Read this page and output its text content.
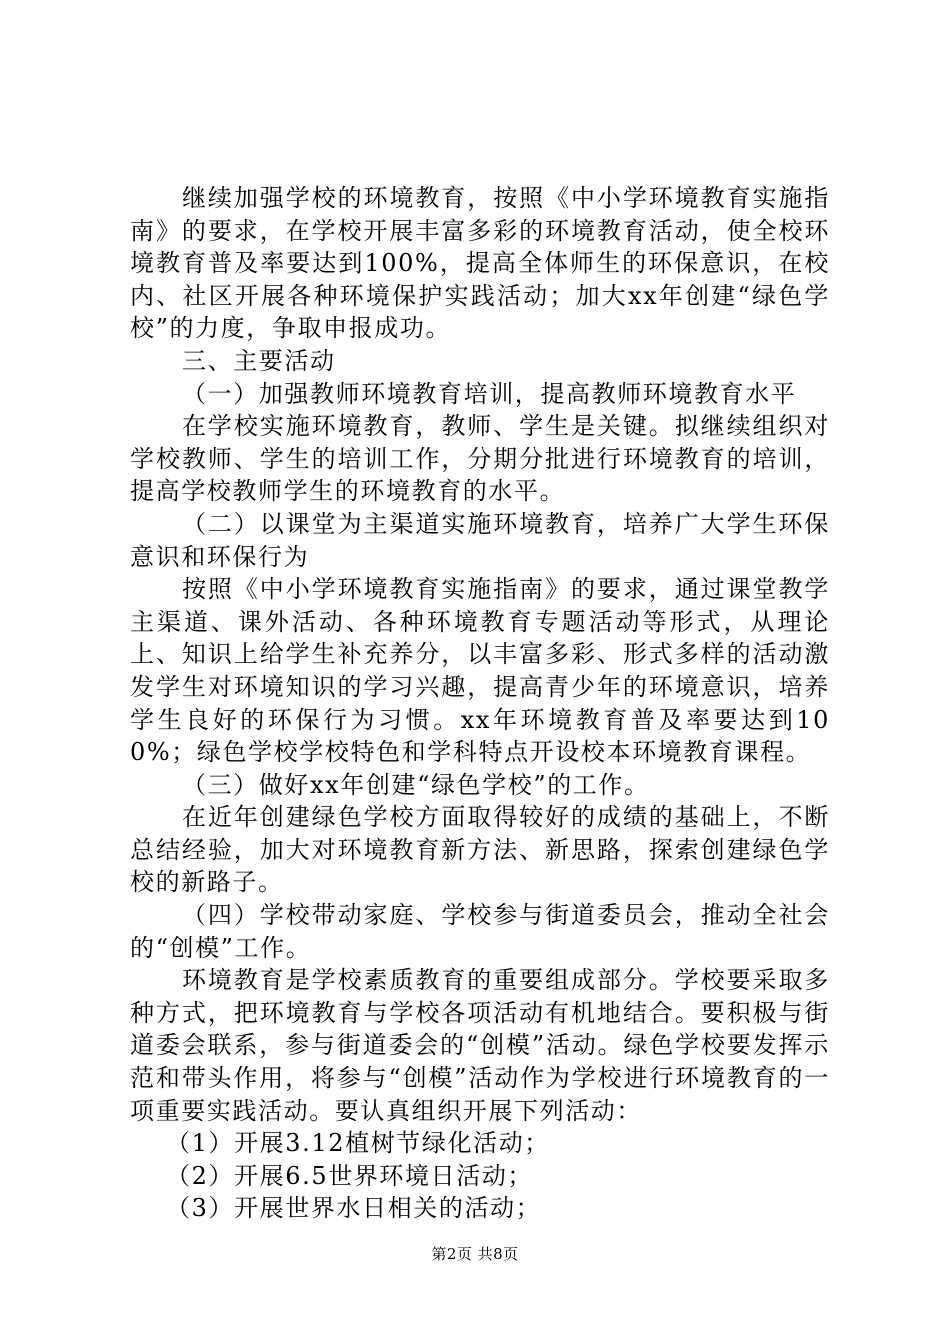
继续加强学校的环境教育，按照《中小学环境教育实施指南》的要求，在学校开展丰富多彩的环境教育活动，使全校环境教育普及率要达到100%，提高全体师生的环保意识，在校内、社区开展各种环境保护实践活动；加大xx年创建“绿色学校”的力度，争取申报成功。

三、主要活动

（一）加强教师环境教育培训，提高教师环境教育水平

在学校实施环境教育，教师、学生是关键。拟继续组织对学校教师、学生的培训工作，分期分批进行环境教育的培训，提高学校教师学生的环境教育的水平。

（二）以课堂为主渠道实施环境教育，培养广大学生环保意识和环保行为

按照《中小学环境教育实施指南》的要求，通过课堂教学主渠道、课外活动、各种环境教育专题活动等形式，从理论上、知识上给学生补充养分，以丰富多彩、形式多样的活动激发学生对环境知识的学习兴趣，提高青少年的环境意识，培养学生良好的环保行为习惯。xx年环境教育普及率要达到100%；绿色学校学校特色和学科特点开设校本环境教育课程。

（三）做好xx年创建“绿色学校”的工作。

在近年创建绿色学校方面取得较好的成绩的基础上，不断总结经验，加大对环境教育新方法、新思路，探索创建绿色学校的新路子。

（四）学校带动家庭、学校参与街道委员会，推动全社会的“创模”工作。

环境教育是学校素质教育的重要组成部分。学校要采取多种方式，把环境教育与学校各项活动有机地结合。要积极与街道委会联系，参与街道委会的“创模”活动。绿色学校要发挥示范和带头作用，将参与“创模”活动作为学校进行环境教育的一项重要实践活动。要认真组织开展下列活动：

（1）开展3.12植树节绿化活动；

（2）开展6.5世界环境日活动；

（3）开展世界水日相关的活动；

第2页 共8页
